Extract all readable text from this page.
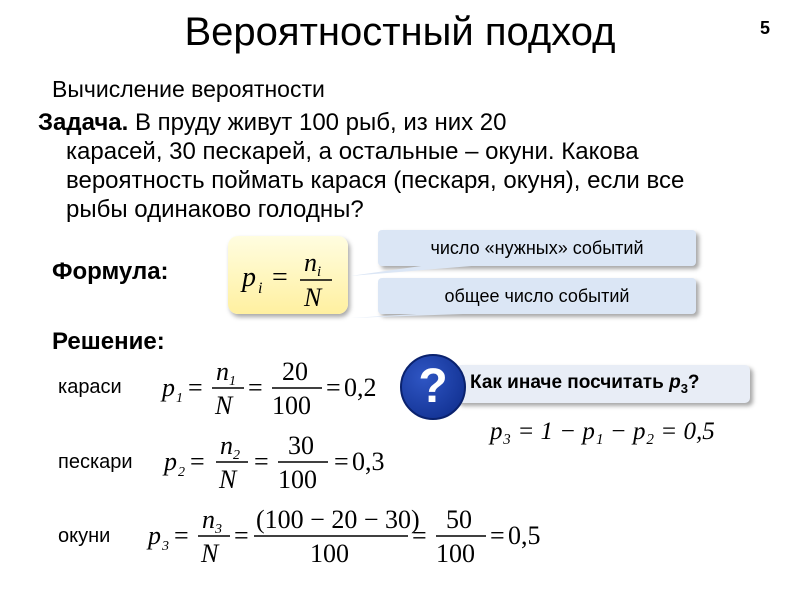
Вероятностный подход	5
Вычисление вероятности
Задача. В пруду живут 100 рыб, из них 20
карасей, 30 пескарей, а остальные – окуни. Какова вероятность поймать карася (пескаря, окуня), если все рыбы одинаково голодны?
Формула:	p i = n i
N
число «нужных» событий
общее число событий
Решение:
караси p 1 =
n 1
N
=
20
100
= 0,2
пескари p 2 =
n 2
N
=
30
100
= 0,3
окуни p 3 =
n 3
N
=
(100 − 20 − 30)
100
=
50
100
= 0,5
Как иначе посчитать $p_3$?
?
p₃ = 1 − p₁ − p₂ = 0,5
